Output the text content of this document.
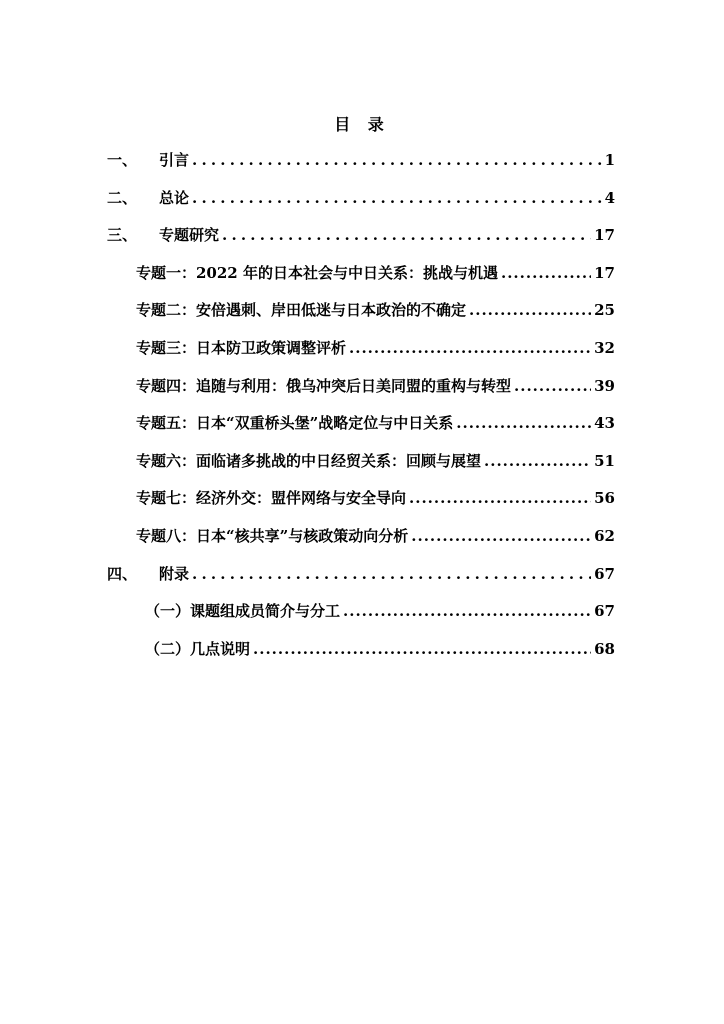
目 录
一、	引言 .....	1
二、	总论 .....	4
三、	专题研究 .....	17
专题一：2022 年的日本社会与中日关系：挑战与机遇 .....	17
专题二：安倍遇刺、岸田低迷与日本政治的不确定 .....	25
专题三：日本防卫政策调整评析 .....	32
专题四：追随与利用：俄乌冲突后日美同盟的重构与转型 .....	39
专题五：日本“双重桥头堡”战略定位与中日关系 .....	43
专题六：面临诸多挑战的中日经贸关系：回顾与展望 .....	51
专题七：经济外交：盟伴网络与安全导向 .....	56
专题八：日本“核共享”与核政策动向分析 .....	62
四、	附录 .....	67
（一）课题组成员简介与分工 .....	67
（二）几点说明 .....	68
